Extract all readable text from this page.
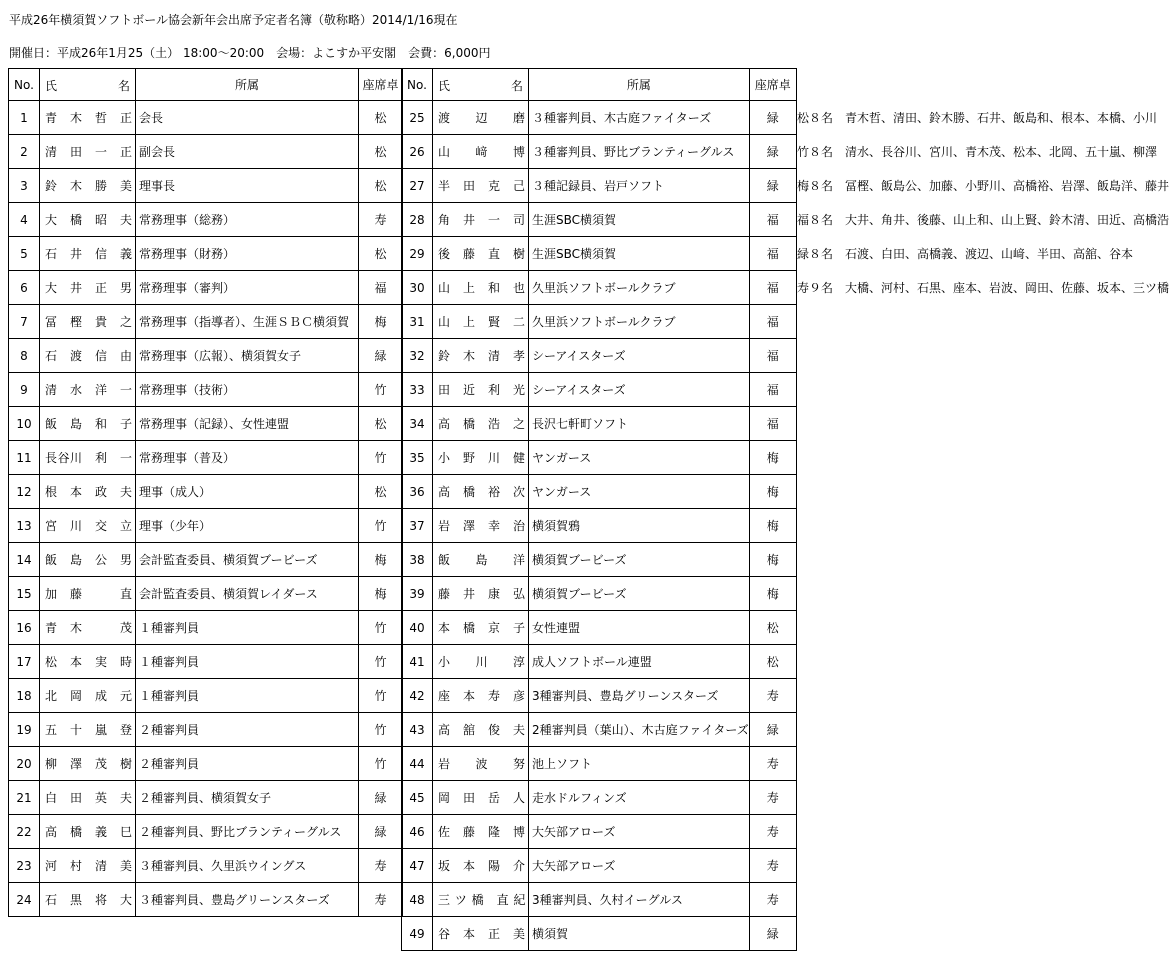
平成26年横須賀ソフトボール協会新年会出席予定者名簿（敬称略）2014/1/16現在
開催日：平成26年1月25（土） 18:00～20:00　会場：よこすか平安閣　会費：6,000円
No.	氏 名	所属	座席卓
1	青　木　哲　正	会長	松
2	清　田　一　正	副会長	松
3	鈴　木　勝　美	理事長	松
4	大　橋　昭　夫	常務理事（総務）	寿
5	石　井　信　義	常務理事（財務）	松
6	大　井　正　男	常務理事（審判）	福
7	冨　樫　貴　之	常務理事（指導者）、生涯ＳＢＣ横須賀	梅
8	石　渡　信　由	常務理事（広報）、横須賀女子	緑
9	清　水　洋　一	常務理事（技術）	竹
10	飯　島　和　子	常務理事（記録）、女性連盟	松
11	長谷川　利　一	常務理事（普及）	竹
12	根　本　政　夫	理事（成人）	松
13	宮　川　交　立	理事（少年）	竹
14	飯　島　公　男	会計監査委員、横須賀ブービーズ	梅
15	加　藤　　　直	会計監査委員、横須賀レイダース	梅
16	青　木　　　茂	１種審判員	竹
17	松　本　実　時	１種審判員	竹
18	北　岡　成　元	１種審判員	竹
19	五　十　嵐　登	２種審判員	竹
20	柳　澤　茂　樹	２種審判員	竹
21	白　田　英　夫	２種審判員、横須賀女子	緑
22	高　橋　義　巳	２種審判員、野比ブランティーグルス	緑
23	河　村　清　美	３種審判員、久里浜ウイングス	寿
24	石　黒　将　大	３種審判員、豊島グリーンスターズ	寿
No.	氏 名	所属	座席卓
25	渡　　辺　　磨	３種審判員、木古庭ファイターズ	緑
26	山　　﨑　　博	３種審判員、野比ブランティーグルス	緑
27	半　田　克　己	３種記録員、岩戸ソフト	緑
28	角　井　一　司	生涯SBC横須賀	福
29	後　藤　直　樹	生涯SBC横須賀	福
30	山　上　和　也	久里浜ソフトボールクラブ	福
31	山　上　賢　二	久里浜ソフトボールクラブ	福
32	鈴　木　清　孝	シーアイスターズ	福
33	田　近　利　光	シーアイスターズ	福
34	高　橋　浩　之	長沢七軒町ソフト	福
35	小　野　川　健	ヤンガース	梅
36	高　橋　裕　次	ヤンガース	梅
37	岩　澤　幸　治	横須賀鴉	梅
38	飯　　島　　洋	横須賀ブービーズ	梅
39	藤　井　康　弘	横須賀ブービーズ	梅
40	本　橋　京　子	女性連盟	松
41	小　　川　　淳	成人ソフトボール連盟	松
42	座　本　寿　彦	3種審判員、豊島グリーンスターズ	寿
43	高　舘　俊　夫	2種審判員（葉山）、木古庭ファイターズ	緑
44	岩　　波　　努	池上ソフト	寿
45	岡　田　岳　人	走水ドルフィンズ	寿
46	佐　藤　隆　博	大矢部アローズ	寿
47	坂　本　陽　介	大矢部アローズ	寿
48	三 ツ 橋　直 紀	3種審判員、久村イーグルス	寿
49	谷　本　正　美	横須賀	緑
松８名　青木哲、清田、鈴木勝、石井、飯島和、根本、本橋、小川
竹８名　清水、長谷川、宮川、青木茂、松本、北岡、五十嵐、柳澤
梅８名　冨樫、飯島公、加藤、小野川、高橋裕、岩澤、飯島洋、藤井
福８名　大井、角井、後藤、山上和、山上賢、鈴木清、田近、高橋浩
緑８名　石渡、白田、高橋義、渡辺、山﨑、半田、高舘、谷本
寿９名　大橋、河村、石黒、座本、岩波、岡田、佐藤、坂本、三ツ橋
